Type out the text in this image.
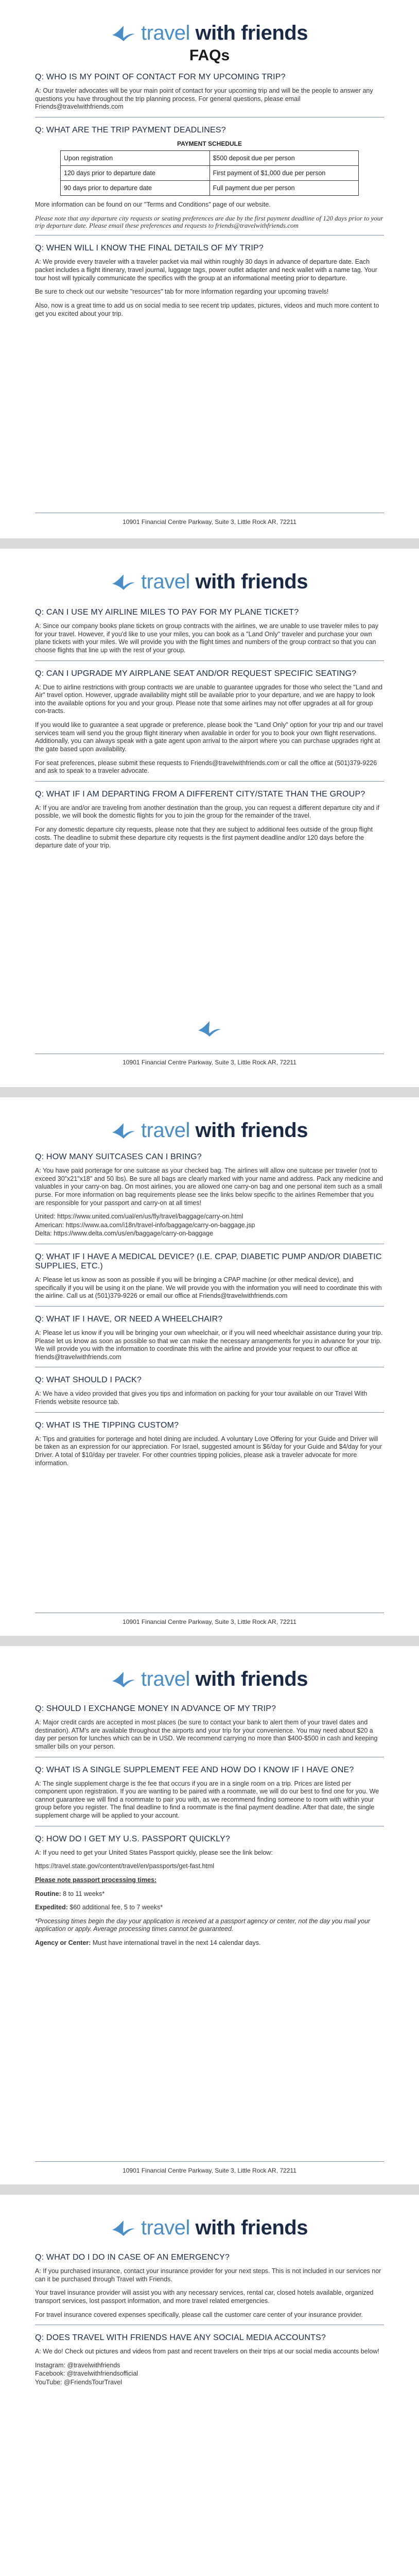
travel with friends
FAQs
Q: WHO IS MY POINT OF CONTACT FOR MY UPCOMING TRIP?

A: Our traveler advocates will be your main point of contact for your upcoming trip and will be the people to answer any questions you have throughout the trip planning process. For general questions, please email Friends@travelwithfriends.com

Q: WHAT ARE THE TRIP PAYMENT DEADLINES?
PAYMENT SCHEDULE
Upon registration	$500 deposit due per person
120 days prior to departure date	First payment of $1,000 due per person
90 days prior to departure date	Full payment due per person

More information can be found on our "Terms and Conditions" page of our website.

Please note that any departure city requests or seating preferences are due by the first payment deadline of 120 days prior to your trip departure date. Please email these preferences and requests to friends@travelwithfriends.com

Q: WHEN WILL I KNOW THE FINAL DETAILS OF MY TRIP?

A: We provide every traveler with a traveler packet via mail within roughly 30 days in advance of departure date. Each packet includes a flight itinerary, travel journal, luggage tags, power outlet adapter and neck wallet with a name tag. Your tour host will typically communicate the specifics with the group at an informational meeting prior to departure.

Be sure to check out our website "resources" tab for more information regarding your upcoming travels!

Also, now is a great time to add us on social media to see recent trip updates, pictures, videos and much more content to get you excited about your trip.

10901 Financial Centre Parkway, Suite 3, Little Rock AR, 72211
travel with friends
Q: CAN I USE MY AIRLINE MILES TO PAY FOR MY PLANE TICKET?

A: Since our company books plane tickets on group contracts with the airlines, we are unable to use traveler miles to pay for your travel. However, if you'd like to use your miles, you can book as a "Land Only" traveler and purchase your own plane tickets with your miles. We will provide you with the flight times and numbers of the group contract so that you can choose flights that line up with the rest of your group.

Q: CAN I UPGRADE MY AIRPLANE SEAT AND/OR REQUEST SPECIFIC SEATING?

A: Due to airline restrictions with group contracts we are unable to guarantee upgrades for those who select the "Land and Air" travel option. However, upgrade availability might still be available prior to your departure, and we are happy to look into the available options for you and your group. Please note that some airlines may not offer upgrades at all for group con-tracts.

If you would like to guarantee a seat upgrade or preference, please book the "Land Only" option for your trip and our travel services team will send you the group flight itinerary when available in order for you to book your own flight reservations. Additionally, you can always speak with a gate agent upon arrival to the airport where you can purchase upgrades right at the gate based upon availability.

For seat preferences, please submit these requests to Friends@travelwithfriends.com or call the office at (501)379-9226 and ask to speak to a traveler advocate.

Q: WHAT IF I AM DEPARTING FROM A DIFFERENT CITY/STATE THAN THE GROUP?

A: If you are and/or are traveling from another destination than the group, you can request a different departure city and if possible, we will book the domestic flights for you to join the group for the remainder of the travel.

For any domestic departure city requests, please note that they are subject to additional fees outside of the group flight costs. The deadline to submit these departure city requests is the first payment deadline and/or 120 days before the departure date of your trip.

10901 Financial Centre Parkway, Suite 3, Little Rock AR, 72211
travel with friends
Q: HOW MANY SUITCASES CAN I BRING?

A: You have paid porterage for one suitcase as your checked bag. The airlines will allow one suitcase per traveler (not to exceed 30"x21"x18" and 50 lbs). Be sure all bags are clearly marked with your name and address. Pack any medicine and valuables in your carry-on bag. On most airlines, you are allowed one carry-on bag and one personal item such as a small purse. For more information on bag requirements please see the links below specific to the airlines Remember that you are responsible for your passport and carry-on at all times!

United: https://www.united.com/ual/en/us/fly/travel/baggage/carry-on.html

American: https://www.aa.com/i18n/travel-info/baggage/carry-on-baggage.jsp

Delta: https://www.delta.com/us/en/baggage/carry-on-baggage

Q: WHAT IF I HAVE A MEDICAL DEVICE? (I.E. CPAP, DIABETIC PUMP AND/OR DIABETIC SUPPLIES, ETC.)

A: Please let us know as soon as possible if you will be bringing a CPAP machine (or other medical device), and specifically if you will be using it on the plane. We will provide you with the information you will need to coordinate this with the airline. Call us at (501)379-9226 or email our office at Friends@travelwithfriends.com

Q: WHAT IF I HAVE, OR NEED A WHEELCHAIR?

A: Please let us know if you will be bringing your own wheelchair, or if you will need wheelchair assistance during your trip. Please let us know as soon as possible so that we can make the necessary arrangements for you in advance for your trip. We will provide you with the information to coordinate this with the airline and provide your request to our office at friends@travelwithfriends.com

Q: WHAT SHOULD I PACK?

A: We have a video provided that gives you tips and information on packing for your tour available on our Travel With Friends website resource tab.

Q: WHAT IS THE TIPPING CUSTOM?

A: Tips and gratuities for porterage and hotel dining are included. A voluntary Love Offering for your Guide and Driver will be taken as an expression for our appreciation. For Israel, suggested amount is $6/day for your Guide and $4/day for your Driver. A total of $10/day per traveler. For other countries tipping policies, please ask a traveler advocate for more information.

10901 Financial Centre Parkway, Suite 3, Little Rock AR, 72211
travel with friends
Q: SHOULD I EXCHANGE MONEY IN ADVANCE OF MY TRIP?

A: Major credit cards are accepted in most places (be sure to contact your bank to alert them of your travel dates and destination). ATM's are available throughout the airports and your trip for your convenience. You may need about $20 a day per person for lunches which can be in USD. We recommend carrying no more than $400-$500 in cash and keeping smaller bills on your person.

Q: WHAT IS A SINGLE SUPPLEMENT FEE AND HOW DO I KNOW IF I HAVE ONE?

A: The single supplement charge is the fee that occurs if you are in a single room on a trip. Prices are listed per component upon registration. If you are wanting to be paired with a roommate, we will do our best to find one for you. We cannot guarantee we will find a roommate to pair you with, as we recommend finding someone to room with within your group before you register. The final deadline to find a roommate is the final payment deadline. After that date, the single supplement charge will be applied to your account.

Q: HOW DO I GET MY U.S. PASSPORT QUICKLY?

A: If you need to get your United States Passport quickly, please see the link below:

https://travel.state.gov/content/travel/en/passports/get-fast.html

Please note passport processing times:

Routine: 8 to 11 weeks*

Expedited: $60 additional fee, 5 to 7 weeks*

*Processing times begin the day your application is received at a passport agency or center, not the day you mail your application or apply. Average processing times cannot be guaranteed.

Agency or Center: Must have international travel in the next 14 calendar days.

10901 Financial Centre Parkway, Suite 3, Little Rock AR, 72211
travel with friends
Q: WHAT DO I DO IN CASE OF AN EMERGENCY?

A: If you purchased insurance, contact your insurance provider for your next steps. This is not included in our services nor can it be purchased through Travel with Friends.

Your travel insurance provider will assist you with any necessary services, rental car, closed hotels available, organized transport services, lost passport information, and more travel related emergencies.

For travel insurance covered expenses specifically, please call the customer care center of your insurance provider.

Q: DOES TRAVEL WITH FRIENDS HAVE ANY SOCIAL MEDIA ACCOUNTS?

A: We do! Check out pictures and videos from past and recent travelers on their trips at our social media accounts below!

Instagram: @travelwithfriends

Facebook: @travelwithfriendsofficial

YouTube: @FriendsTourTravel
